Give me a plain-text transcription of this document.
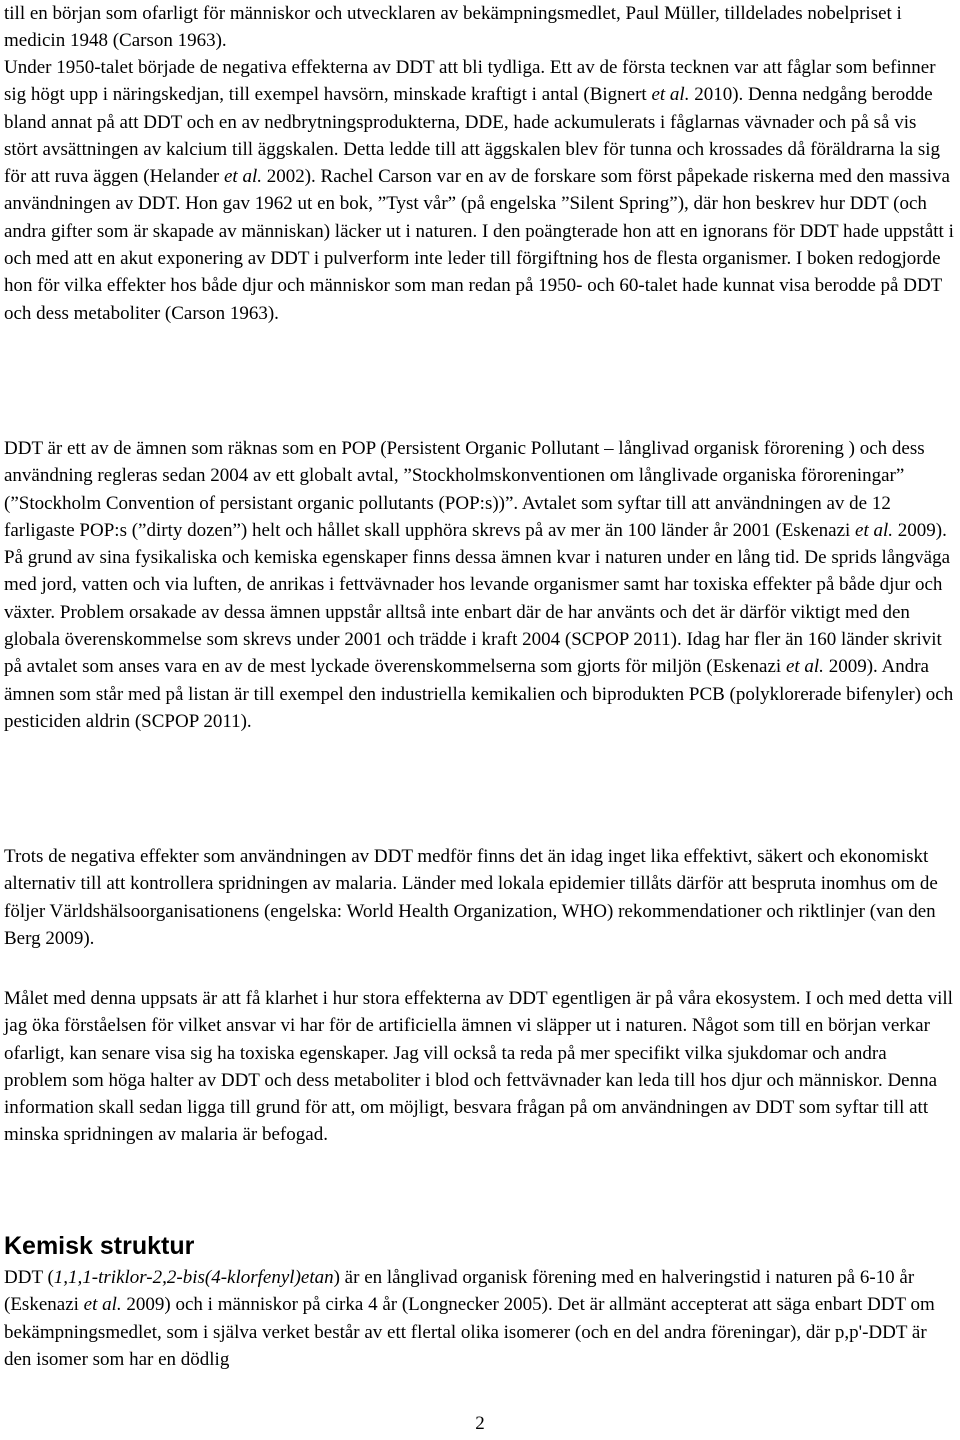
till en början som ofarligt för människor och utvecklaren av bekämpningsmedlet, Paul Müller, tilldelades nobelpriset i medicin 1948 (Carson 1963).

Under 1950-talet började de negativa effekterna av DDT att bli tydliga. Ett av de första tecknen var att fåglar som befinner sig högt upp i näringskedjan, till exempel havsörn, minskade kraftigt i antal (Bignert et al. 2010). Denna nedgång berodde bland annat på att DDT och en av nedbrytningsprodukterna, DDE, hade ackumulerats i fåglarnas vävnader och på så vis stört avsättningen av kalcium till äggskalen. Detta ledde till att äggskalen blev för tunna och krossades då föräldrarna la sig för att ruva äggen (Helander et al. 2002). Rachel Carson var en av de forskare som först påpekade riskerna med den massiva användningen av DDT. Hon gav 1962 ut en bok, ”Tyst vår” (på engelska ”Silent Spring”), där hon beskrev hur DDT (och andra gifter som är skapade av människan) läcker ut i naturen. I den poängterade hon att en ignorans för DDT hade uppstått i och med att en akut exponering av DDT i pulverform inte leder till förgiftning hos de flesta organismer. I boken redogjorde hon för vilka effekter hos både djur och människor som man redan på 1950- och 60-talet hade kunnat visa berodde på DDT och dess metaboliter (Carson 1963).

DDT är ett av de ämnen som räknas som en POP (Persistent Organic Pollutant – långlivad organisk förorening ) och dess användning regleras sedan 2004 av ett globalt avtal, ”Stockholmskonventionen om långlivade organiska föroreningar” (”Stockholm Convention of persistant organic pollutants (POP:s))”. Avtalet som syftar till att användningen av de 12 farligaste POP:s (”dirty dozen”) helt och hållet skall upphöra skrevs på av mer än 100 länder år 2001 (Eskenazi et al. 2009). På grund av sina fysikaliska och kemiska egenskaper finns dessa ämnen kvar i naturen under en lång tid. De sprids långväga med jord, vatten och via luften, de anrikas i fettvävnader hos levande organismer samt har toxiska effekter på både djur och växter. Problem orsakade av dessa ämnen uppstår alltså inte enbart där de har använts och det är därför viktigt med den globala överenskommelse som skrevs under 2001 och trädde i kraft 2004 (SCPOP 2011). Idag har fler än 160 länder skrivit på avtalet som anses vara en av de mest lyckade överenskommelserna som gjorts för miljön (Eskenazi et al. 2009). Andra ämnen som står med på listan är till exempel den industriella kemikalien och biprodukten PCB (polyklorerade bifenyler) och pesticiden aldrin (SCPOP 2011).

Trots de negativa effekter som användningen av DDT medför finns det än idag inget lika effektivt, säkert och ekonomiskt alternativ till att kontrollera spridningen av malaria. Länder med lokala epidemier tillåts därför att bespruta inomhus om de följer Världshälsoorganisationens (engelska: World Health Organization, WHO) rekommendationer och riktlinjer (van den Berg 2009).

Målet med denna uppsats är att få klarhet i hur stora effekterna av DDT egentligen är på våra ekosystem. I och med detta vill jag öka förståelsen för vilket ansvar vi har för de artificiella ämnen vi släpper ut i naturen. Något som till en början verkar ofarligt, kan senare visa sig ha toxiska egenskaper. Jag vill också ta reda på mer specifikt vilka sjukdomar och andra problem som höga halter av DDT och dess metaboliter i blod och fettvävnader kan leda till hos djur och människor. Denna information skall sedan ligga till grund för att, om möjligt, besvara frågan på om användningen av DDT som syftar till att minska spridningen av malaria är befogad.

Kemisk struktur

DDT (1,1,1-triklor-2,2-bis(4-klorfenyl)etan) är en långlivad organisk förening med en halveringstid i naturen på 6-10 år (Eskenazi et al. 2009) och i människor på cirka 4 år (Longnecker 2005). Det är allmänt accepterat att säga enbart DDT om bekämpningsmedlet, som i själva verket består av ett flertal olika isomerer (och en del andra föreningar), där p,p'-DDT är den isomer som har en dödlig

2
